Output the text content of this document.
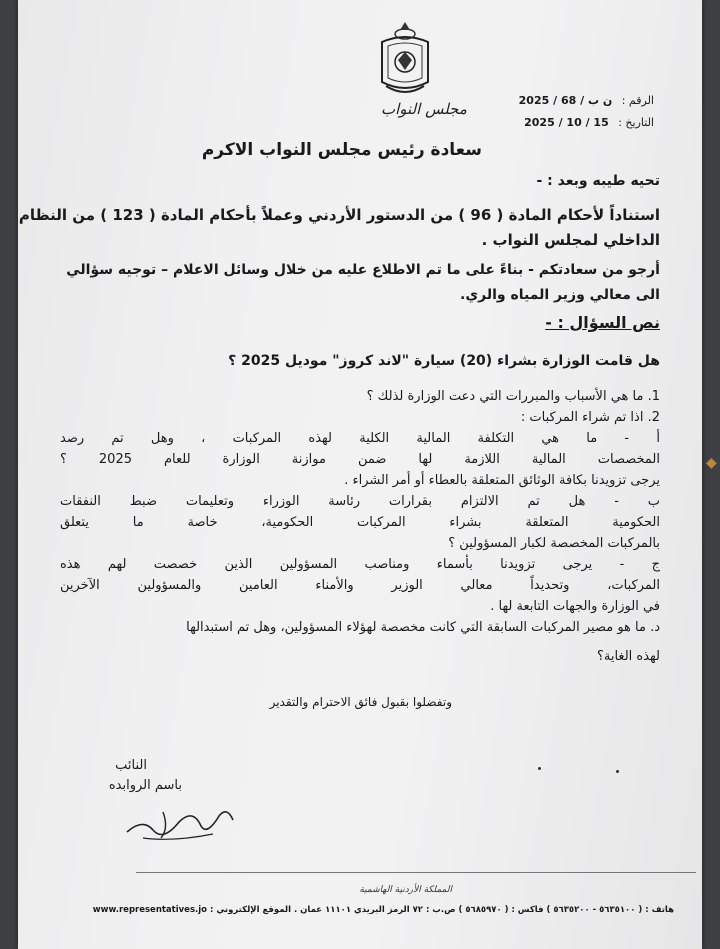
مجلس النواب	الرقم : ن ب / 68 / 2025
التاريخ : 15 / 10 / 2025
سعادة رئيس مجلس النواب الاكرم
تحيه طيبه وبعد : -
استناداً لأحكام المادة ( 96 ) من الدستور الأردني وعملاً بأحكام المادة ( 123 ) من النظام
الداخلي لمجلس النواب .
أرجو من سعادتكم - بناءً على ما تم الاطلاع عليه من خلال وسائل الاعلام – توجيه سؤالي
الى معالي وزير المياه والري.
نص السؤال : -
هل قامت الوزارة بشراء (20) سيارة "لاند كروز" موديل 2025 ؟
1. ما هي الأسباب والمبررات التي دعت الوزارة لذلك ؟
2. اذا تم شراء المركبات :
أ - ما هي التكلفة المالية الكلية لهذه المركبات ، وهل تم رصد
المخصصات المالية اللازمة لها ضمن موازنة الوزارة للعام 2025 ؟
يرجى تزويدنا بكافة الوثائق المتعلقة بالعطاء أو أمر الشراء .
ب - هل تم الالتزام بقرارات رئاسة الوزراء وتعليمات ضبط النفقات
الحكومية المتعلقة بشراء المركبات الحكومية، خاصة ما يتعلق
بالمركبات المخصصة لكبار المسؤولين ؟
ج - يرجى تزويدنا بأسماء ومناصب المسؤولين الذين خصصت لهم هذه
المركبات، وتحديداً معالي الوزير والأمناء العامين والمسؤولين الآخرين
في الوزارة والجهات التابعة لها .
د. ما هو مصير المركبات السابقة التي كانت مخصصة لهؤلاء المسؤولين، وهل تم استبدالها
لهذه الغاية؟
وتفضلوا بقبول فائق الاحترام والتقدير
النائب
باسم الروابده
المملكة الأردنية الهاشمية
هاتف : ( ٥٦٣٥١٠٠ - ٥٦٣٥٢٠٠ ) فاكس : ( ٥٦٨٥٩٧٠ ) ص.ب : ٧٢ الرمز البريدي ١١١٠١ عمان . الموقع الإلكتروني : www.representatives.jo
◆
